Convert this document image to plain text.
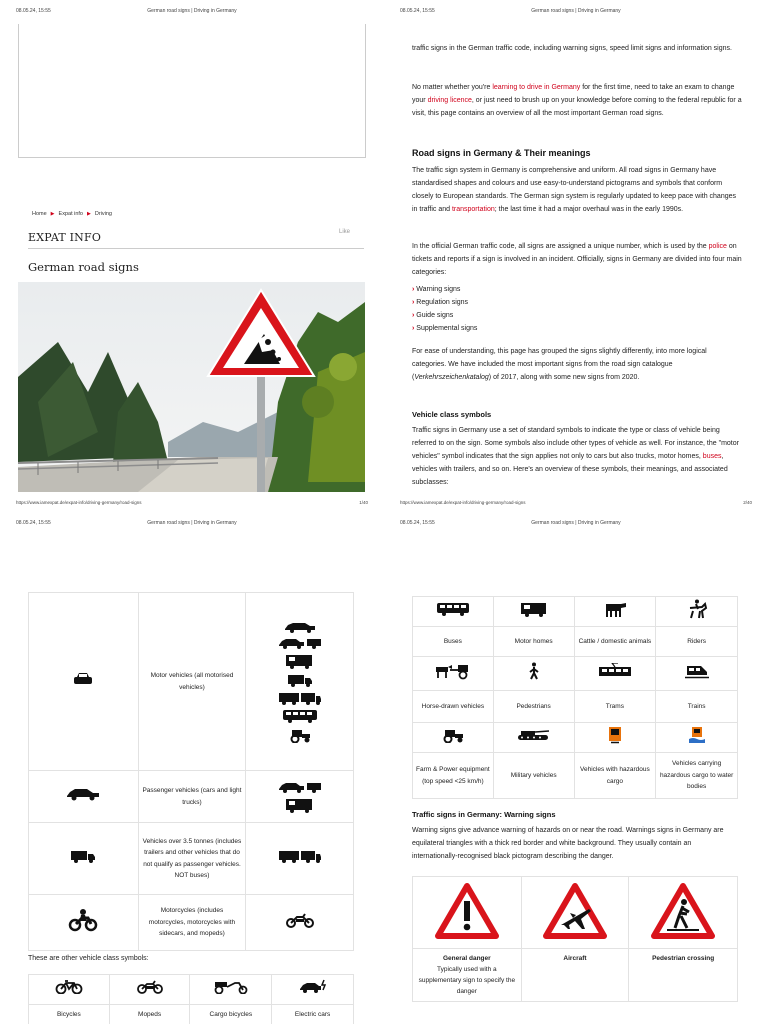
08.05.24, 15:55	German road signs | Driving in Germany
Home ▶ Expat info ▶ Driving
EXPAT INFO	Like
German road signs
https://www.iamexpat.de/expat-info/driving-germany/road-signs	1/40
08.05.24, 15:55	German road signs | Driving in Germany
traffic signs in the German traffic code, including warning signs, speed limit signs and information signs.
No matter whether you're learning to drive in Germany for the first time, need to take an exam to change your driving licence, or just need to brush up on your knowledge before coming to the federal republic for a visit, this page contains an overview of all the most important German road signs.
Road signs in Germany & Their meanings
The traffic sign system in Germany is comprehensive and uniform. All road signs in Germany have standardised shapes and colours and use easy-to-understand pictograms and symbols that conform closely to European standards. The German sign system is regularly updated to keep pace with changes in traffic and transportation; the last time it had a major overhaul was in the early 1990s.
In the official German traffic code, all signs are assigned a unique number, which is used by the police on tickets and reports if a sign is involved in an incident. Officially, signs in Germany are divided into four main categories:
› Warning signs
› Regulation signs
› Guide signs
› Supplemental signs
For ease of understanding, this page has grouped the signs slightly differently, into more logical categories. We have included the most important signs from the road sign catalogue (Verkehrszeichenkatalog) of 2017, along with some new signs from 2020.
Vehicle class symbols
Traffic signs in Germany use a set of standard symbols to indicate the type or class of vehicle being referred to on the sign. Some symbols also include other types of vehicle as well. For instance, the "motor vehicles" symbol indicates that the sign applies not only to cars but also trucks, motor homes, buses, vehicles with trailers, and so on. Here's an overview of these symbols, their meanings, and associated subclasses:
https://www.iamexpat.de/expat-info/driving-germany/road-signs	2/40
08.05.24, 15:55	German road signs | Driving in Germany
	Motor vehicles (all motorised vehicles)	

	Passenger vehicles (cars and light trucks)	

	Vehicles over 3.5 tonnes (includes trailers and other vehicles that do not qualify as passenger vehicles. NOT buses)	
	Motorcycles (includes motorcycles, motorcycles with sidecars, and mopeds)	
These are other vehicle class symbols:

Bicycles	Mopeds	Cargo bicycles	Electric cars
08.05.24, 15:55	German road signs | Driving in Germany

Buses	Motor homes	Cattle / domestic animals	Riders

Horse-drawn vehicles	Pedestrians	Trams	Trains

Farm & Power equipment (top speed <25 km/h)	Military vehicles	Vehicles with hazardous cargo	Vehicles carrying hazardous cargo to water bodies
Traffic signs in Germany: Warning signs
Warning signs give advance warning of hazards on or near the road. Warnings signs in Germany are equilateral triangles with a thick red border and white background. They usually contain an internationally-recognised black pictogram describing the danger.

General danger
Typically used with a supplementary sign to specify the danger	Aircraft	Pedestrian crossing
